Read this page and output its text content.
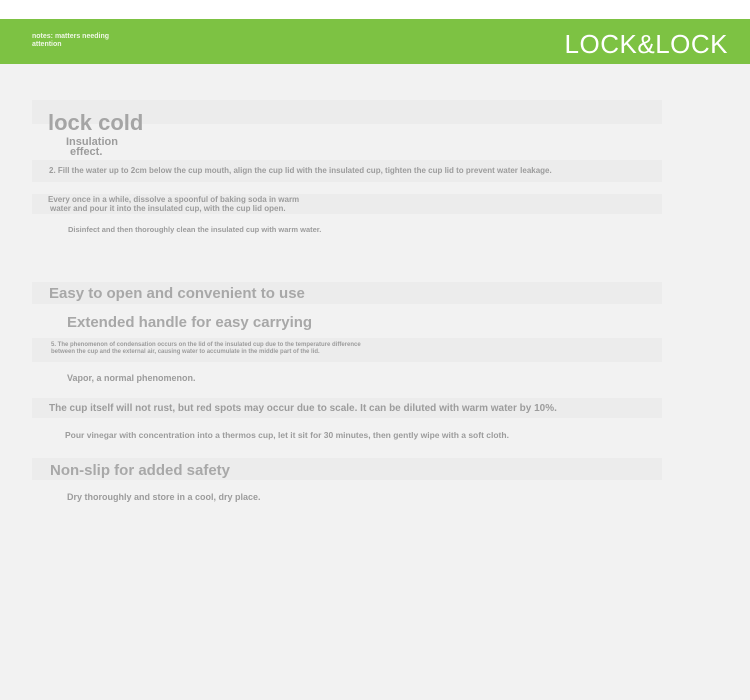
notes: matters needing
attention	LOCK&LOCK
lock cold
Insulation
effect.
2. Fill the water up to 2cm below the cup mouth, align the cup lid with the insulated cup, tighten the cup lid to prevent water leakage.
Every once in a while, dissolve a spoonful of baking soda in warm
water and pour it into the insulated cup, with the cup lid open.
Disinfect and then thoroughly clean the insulated cup with warm water.
Easy to open and convenient to use
Extended handle for easy carrying
5. The phenomenon of condensation occurs on the lid of the insulated cup due to the temperature difference
between the cup and the external air, causing water to accumulate in the middle part of the lid.
Vapor, a normal phenomenon.
The cup itself will not rust, but red spots may occur due to scale. It can be diluted with warm water by 10%.
Pour vinegar with concentration into a thermos cup, let it sit for 30 minutes, then gently wipe with a soft cloth.
Non-slip for added safety
Dry thoroughly and store in a cool, dry place.
